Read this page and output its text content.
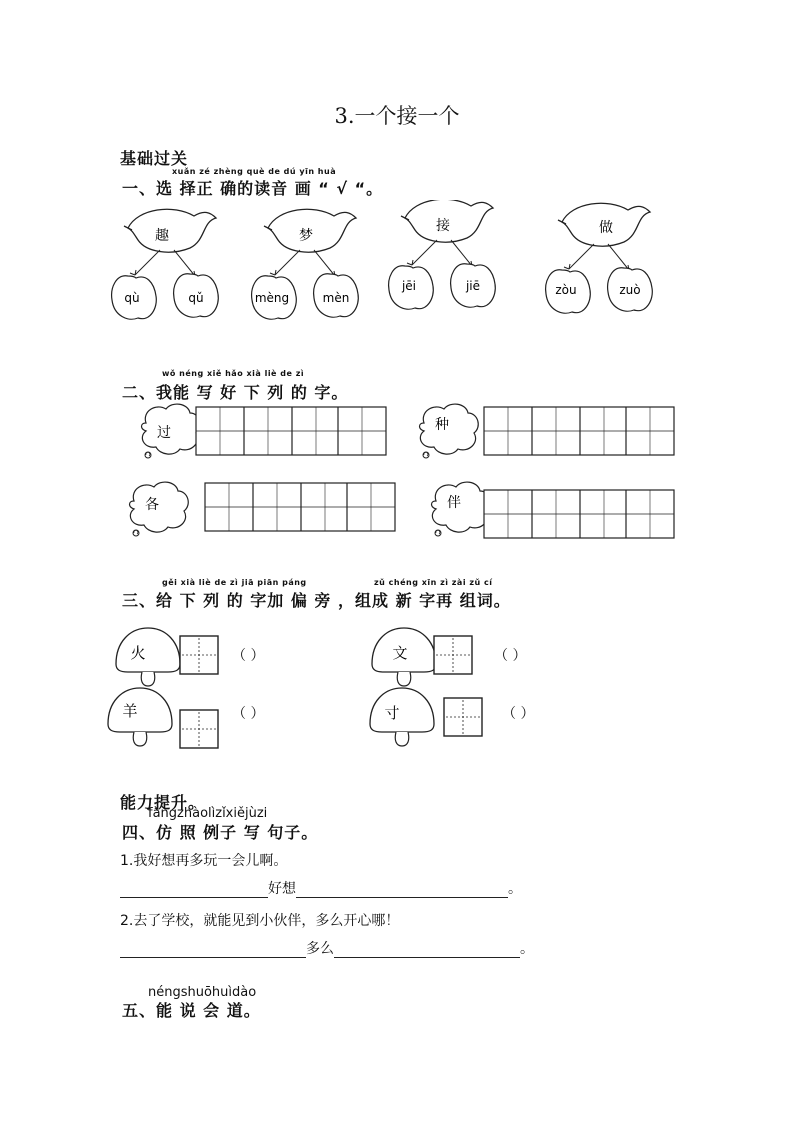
3.一个接一个
基础过关
xuǎn zé zhèng què de dú yīn huà
一、选 择正 确的读音 画 “ √ “。
趣
qù	qǔ
梦
mèng	mèn
接
jēi	jiē
做
zòu	zuò
wǒ néng xiě hǎo xià liè de zì
二、我能 写 好 下 列 的 字。
过	种
各	伴
gěi xià liè de zì jiā piān páng	zǔ chéng xīn zì zài zǔ cí
三、给 下 列 的 字加 偏 旁 ，组成 新 字再 组词。
火	文
羊	寸
（ ）	（ ）
（ ）	（ ）
能力提升。
fǎngzhàolìzǐxiějùzi
四、仿 照 例子 写 句子。
1.我好想再多玩一会儿啊。
好想	。
2.去了学校，就能见到小伙伴，多么开心哪！
多么	。
néngshuōhuìdào
五、能 说 会 道。
